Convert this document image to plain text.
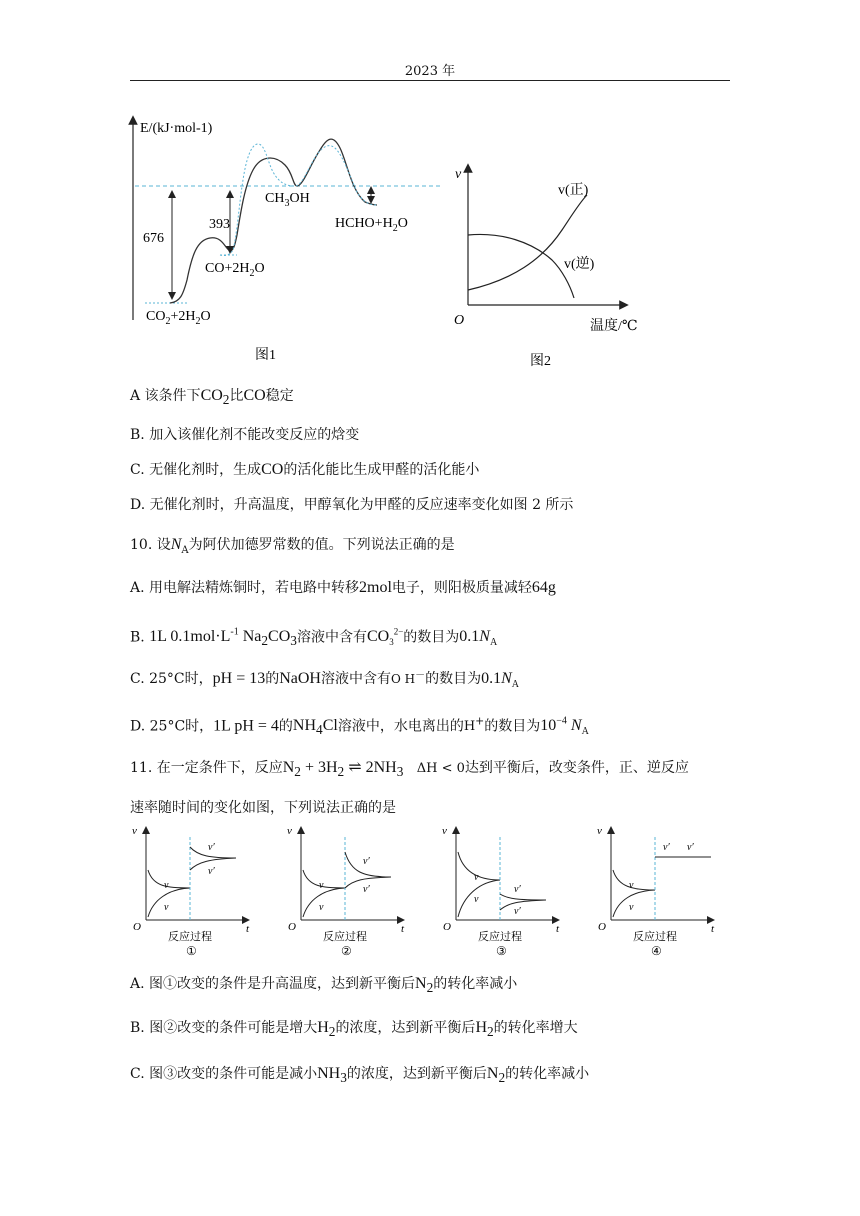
2023 年
E/(kJ·mol-1)
676
393
$CH_3OH$
$HCHO+H_2O$
$CO+2H_2O$
$CO_2+2H_2O$
图1
v
O	温度/℃
v(正)
v(逆)
图2
A 该条件下$CO_2$比CO稳定
B. 加入该催化剂不能改变反应的焓变
C. 无催化剂时，生成CO的活化能比生成甲醛的活化能小
D. 无催化剂时，升高温度，甲醇氧化为甲醛的反应速率变化如图 2 所示
10. 设$N_A$为阿伏加德罗常数的值。下列说法正确的是
A. 用电解法精炼铜时，若电路中转移2mol电子，则阳极质量减轻64g
B. 1L $0.1mol\cdot L^{-1}$ $Na_2CO_3$溶液中含有$CO_3^{2-}$的数目为$0.1N_A$
C. 25°C时，pH = 13的NaOH溶液中含有O H－的数目为$0.1N_A$
D. 25°C时，1L pH = 4的$NH_4Cl$溶液中，水电离出的H+的数目为$10^{-4}$ $N_A$
11. 在一定条件下，反应$N_2 + 3H_2$ ⇌ $2NH_3$ ΔH < 0达到平衡后，改变条件，正、逆反应
速率随时间的变化如图，下列说法正确的是
v
O	t
v
v
v′
v′
反应过程
①
v
O	t
v
v
v′
v′
反应过程
②
v
O	t
v
v
v′
v′
反应过程
③
v
O	t
v
v
v′ v′
反应过程
④
A. 图①改变的条件是升高温度，达到新平衡后$N_2$的转化率减小
B. 图②改变的条件可能是增大$H_2$的浓度，达到新平衡后$H_2$的转化率增大
C. 图③改变的条件可能是减小$NH_3$的浓度，达到新平衡后$N_2$的转化率减小
